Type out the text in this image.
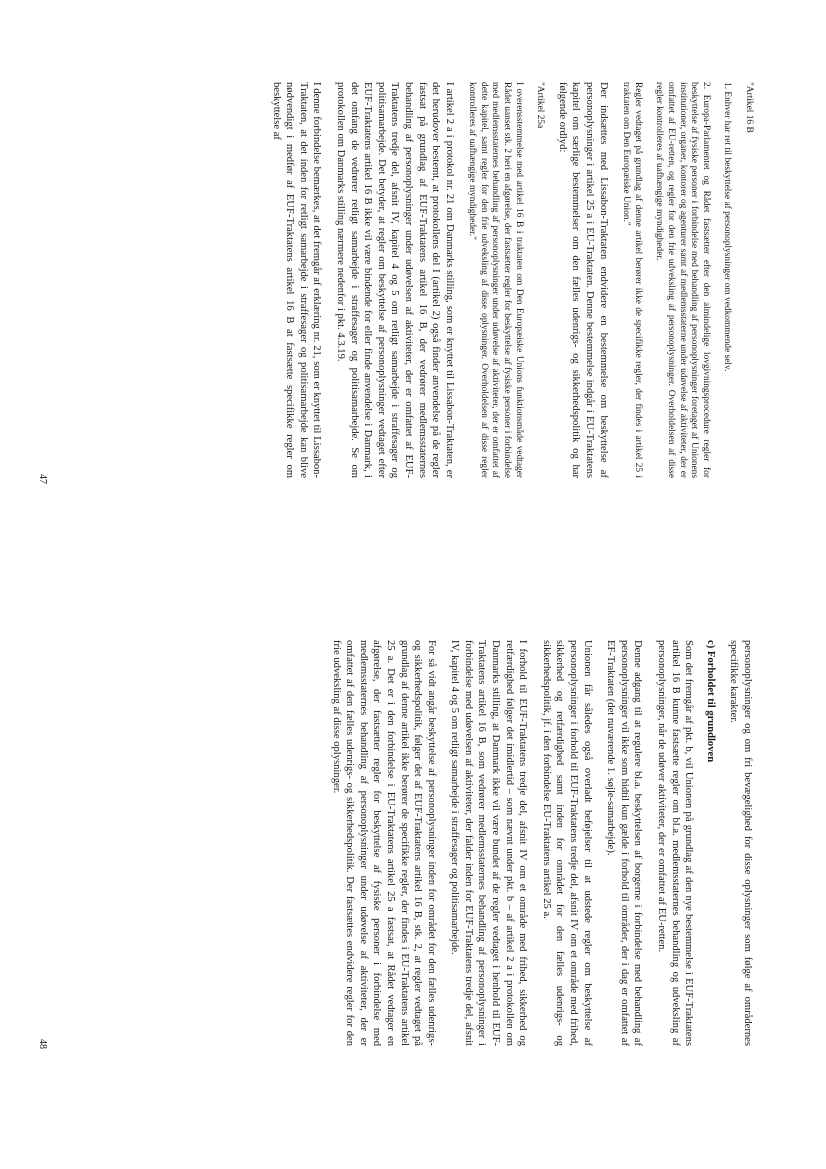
"Artikel 16 B
1. Enhver har ret til beskyttelse af personoplysninger om vedkommende selv.
2. Europa-Parlamentet og Rådet fastsætter efter den almindelige lovgivningsprocedure regler for beskyttelse af fysiske personer i forbindelse med behandling af personoplysninger foretaget af Unionens institutioner, organer, kontorer og agenturer samt af medlemsstaterne under udøvelse af aktiviteter, der er omfattet af EU-retten, og regler for den frie udveksling af personoplysninger. Overholdelsen af disse regler kontrolleres af uafhængige myndigheder.
Regler vedtaget på grundlag af denne artikel berører ikke de specifikke regler, der findes i artikel 25 i traktaten om Den Europæiske Union."
Der indsættes med Lissabon-Traktaten endvidere en bestemmelse om beskyttelse af personoplysninger i artikel 25 a i EU-Traktaten. Denne bestemmelse indgår i EU-Traktatens kapitel om særlige bestemmelser om den fælles udenrigs- og sikkerhedspolitik og har følgende ordlyd:
"Artikel 25a
I overensstemmelse med artikel 16 B i traktaten om Den Europæiske Unions funktionsmåde vedtager Rådet uanset stk. 2 heri en afgørelse, der fastsætter regler for beskyttelse af fysiske personer i forbindelse med medlemsstaternes behandling af personoplysninger under udøvelse af aktiviteter, der er omfattet af dette kapitel, samt regler for den frie udveksling af disse oplysninger. Overholdelsen af disse regler kontrolleres af uafhængige myndigheder."
I artikel 2 a i protokol nr. 21 om Danmarks stilling, som er knyttet til Lissabon-Traktaten, er det herudover bestemt, at protokollens del I (artikel 2) også finder anvendelse på de regler fastsat på grundlag af EUF-Traktatens artikel 16 B, der vedrører medlemsstaternes behandling af personoplysninger under udøvelsen af aktiviteter, der er omfattet af EUF-Traktatens tredje del, afsnit IV, kapitel 4 og 5 om retligt samarbejde i straffesager og politisamarbejde. Det betyder, at regler om beskyttelse af personoplysninger vedtaget efter EUF-Traktatens artikel 16 B ikke vil være bindende for eller finde anvendelse i Danmark, i det omfang de vedrører retligt samarbejde i straffesager og politisamarbejde. Se om protokollen om Danmarks stilling nærmere nedenfor i pkt. 4.3.19.
I denne forbindelse bemærkes, at det fremgår af erklæring nr. 21, som er knyttet til Lissabon-Traktaten, at det inden for retligt samarbejde i straffesager og politisamarbejde kan blive nødvendigt i medfør af EUF-Traktatens artikel 16 B at fastsætte specifikke regler om beskyttelse af
47
personoplysninger og om fri bevægelighed for disse oplysninger som følge af områdernes specifikke karakter.
c) Forholdet til grundloven
Som det fremgår af pkt. b, vil Unionen på grundlag af den nye bestemmelse i EUF-Traktatens artikel 16 B kunne fastsætte regler om bl.a. medlemsstaternes behandling og udveksling af personoplysninger, når de udøver aktiviteter, der er omfattet af EU-retten.
Denne adgang til at regulere bl.a. beskyttelsen af borgerne i forbindelse med behandling af personoplysninger vil ikke som hidtil kun gælde i forhold til områder, der i dag er omfattet af EF-Traktaten (det nuværende 1. søjle-samarbejde).
Unionen får således også overladt beføjelser til at udstede regler om beskyttelse af personoplysninger i forhold til EUF-Traktatens tredje del, afsnit IV om et område med frihed, sikkerhed og retfærdighed samt inden for området for den fælles udenrigs- og sikkerhedspolitik, jf. i den forbindelse EU-Traktatens artikel 25 a.
I forhold til EUF-Traktatens tredje del, afsnit IV om et område med frihed, sikkerhed og retfærdighed følger det imidlertid – som nævnt under pkt. b – af artikel 2 a i protokollen om Danmarks stilling, at Danmark ikke vil være bundet af de regler vedtaget i henhold til EUF-Traktatens artikel 16 B, som vedrører medlemsstaternes behandling af personoplysninger i forbindelse med udøvelsen af aktiviteter, der falder inden for EUF-Traktatens tredje del, afsnit IV, kapitel 4 og 5 om retligt samarbejde i straffesager og politisamarbejde.
For så vidt angår beskyttelse af personoplysninger inden for området for den fælles udenrigs- og sikkerhedspolitik, følger det af EUF-Traktatens artikel 16 B, stk. 2, at regler vedtaget på grundlag af denne artikel ikke berører de specifikke regler, der findes i EU-Traktatens artikel 25 a. Det er i den forbindelse i EU-Traktatens artikel 25 a fastsat, at Rådet vedtager en afgørelse, der fastsætter regler for beskyttelse af fysiske personer i forbindelse med medlemsstaternes behandling af personoplysninger under udøvelse af aktiviteter, der er omfattet af den fælles udenrigs- og sikkerhedspolitik. Der fastsættes endvidere regler for den frie udveksling af disse oplysninger.
48
